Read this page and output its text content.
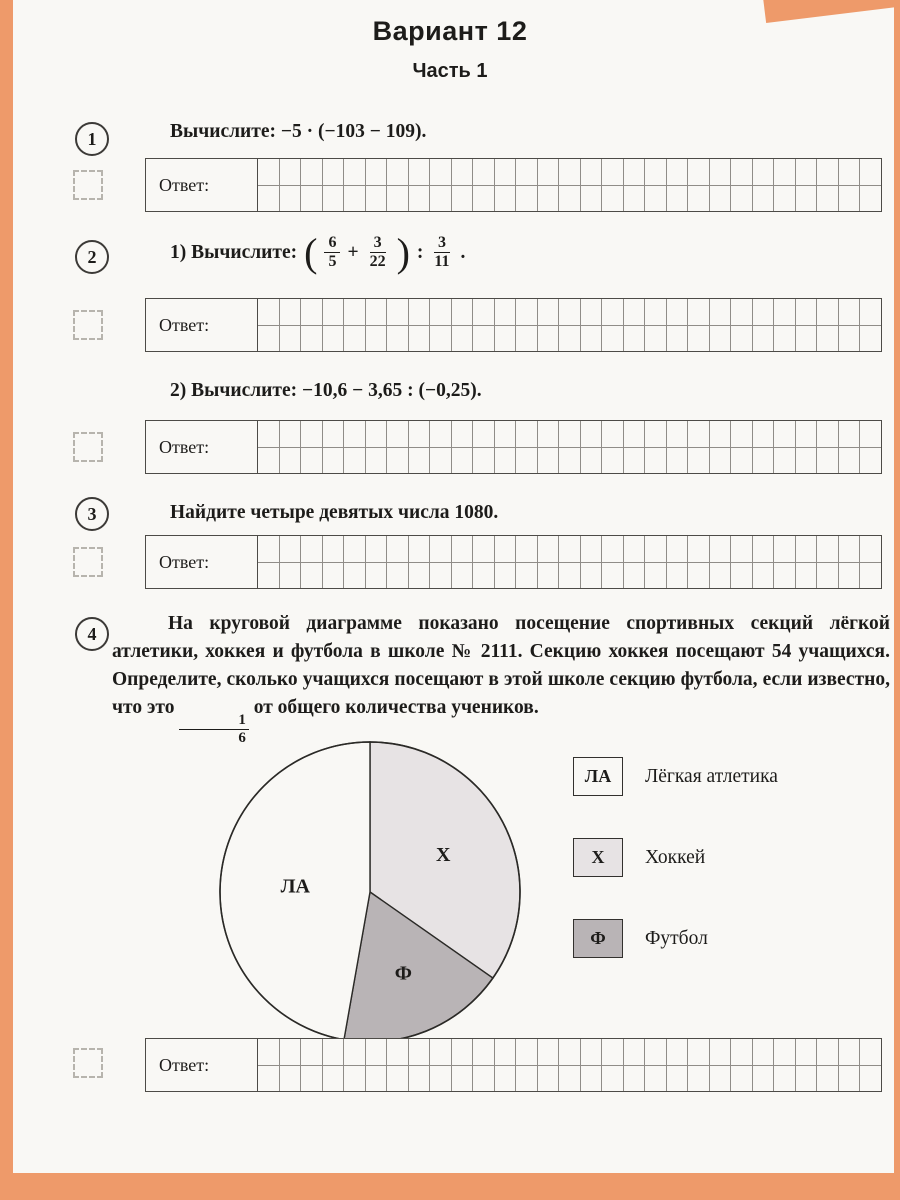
Вариант 12
Часть 1
1	Вычислите: −5 · (−103 − 109).
Ответ:
2	1) Вычислите: ( $\frac{6}{5} + \frac{3}{22}$ ) : $\frac{3}{11}$ .
Ответ:
2) Вычислите: −10,6 − 3,65 : (−0,25).
Ответ:
3	Найдите четыре девятых числа 1080.
Ответ:
4	На круговой диаграмме показано посещение спортивных секций лёгкой атлетики, хоккея и футбола в школе № 2111. Секцию хоккея посещают 54 учащихся. Определите, сколько учащихся посещают в этой школе секцию футбола, если известно, что это
$\frac{1}{6}$
от общего количества учеников.
Х
Ф
ЛА
ЛА Лёгкая атлетика
Х Хоккей
Ф Футбол
Ответ:
